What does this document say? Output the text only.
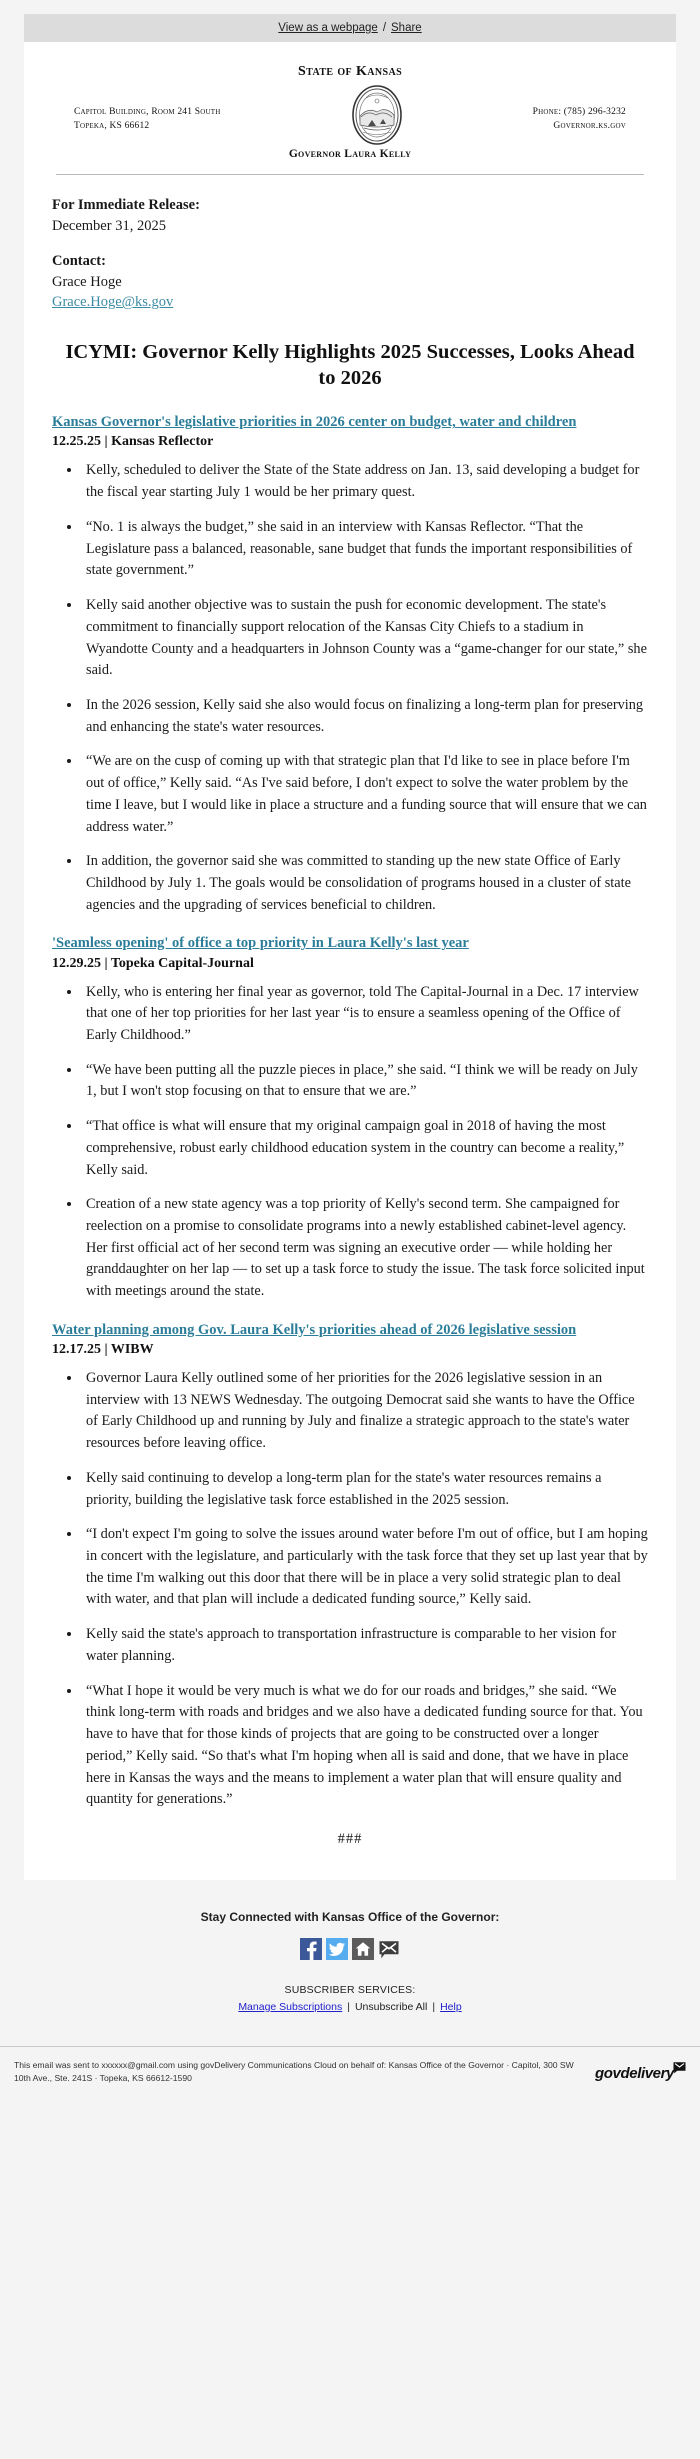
View as a webpage / Share
State of Kansas
Capitol Building, Room 241 South
Topeka, KS 66612
Phone: (785) 296-3232
Governor.ks.gov
Governor Laura Kelly
For Immediate Release:
December 31, 2025
Contact:
Grace Hoge
Grace.Hoge@ks.gov
ICYMI: Governor Kelly Highlights 2025 Successes, Looks Ahead to 2026
Kansas Governor's legislative priorities in 2026 center on budget, water and children
12.25.25 | Kansas Reflector
• Kelly, scheduled to deliver the State of the State address on Jan. 13, said developing a budget for the fiscal year starting July 1 would be her primary quest.
• “No. 1 is always the budget,” she said in an interview with Kansas Reflector. “That the Legislature pass a balanced, reasonable, sane budget that funds the important responsibilities of state government.”
• Kelly said another objective was to sustain the push for economic development. The state's commitment to financially support relocation of the Kansas City Chiefs to a stadium in Wyandotte County and a headquarters in Johnson County was a “game-changer for our state,” she said.
• In the 2026 session, Kelly said she also would focus on finalizing a long-term plan for preserving and enhancing the state's water resources.
• “We are on the cusp of coming up with that strategic plan that I'd like to see in place before I'm out of office,” Kelly said. “As I've said before, I don't expect to solve the water problem by the time I leave, but I would like in place a structure and a funding source that will ensure that we can address water.”
• In addition, the governor said she was committed to standing up the new state Office of Early Childhood by July 1. The goals would be consolidation of programs housed in a cluster of state agencies and the upgrading of services beneficial to children.
'Seamless opening' of office a top priority in Laura Kelly's last year
12.29.25 | Topeka Capital-Journal
• Kelly, who is entering her final year as governor, told The Capital-Journal in a Dec. 17 interview that one of her top priorities for her last year “is to ensure a seamless opening of the Office of Early Childhood.”
• “We have been putting all the puzzle pieces in place,” she said. “I think we will be ready on July 1, but I won't stop focusing on that to ensure that we are.”
• “That office is what will ensure that my original campaign goal in 2018 of having the most comprehensive, robust early childhood education system in the country can become a reality,” Kelly said.
• Creation of a new state agency was a top priority of Kelly's second term. She campaigned for reelection on a promise to consolidate programs into a newly established cabinet-level agency. Her first official act of her second term was signing an executive order — while holding her granddaughter on her lap — to set up a task force to study the issue. The task force solicited input with meetings around the state.
Water planning among Gov. Laura Kelly's priorities ahead of 2026 legislative session
12.17.25 | WIBW
• Governor Laura Kelly outlined some of her priorities for the 2026 legislative session in an interview with 13 NEWS Wednesday. The outgoing Democrat said she wants to have the Office of Early Childhood up and running by July and finalize a strategic approach to the state's water resources before leaving office.
• Kelly said continuing to develop a long-term plan for the state's water resources remains a priority, building the legislative task force established in the 2025 session.
• “I don't expect I'm going to solve the issues around water before I'm out of office, but I am hoping in concert with the legislature, and particularly with the task force that they set up last year that by the time I'm walking out this door that there will be in place a very solid strategic plan to deal with water, and that plan will include a dedicated funding source,” Kelly said.
• Kelly said the state's approach to transportation infrastructure is comparable to her vision for water planning.
• “What I hope it would be very much is what we do for our roads and bridges,” she said. “We think long-term with roads and bridges and we also have a dedicated funding source for that. You have to have that for those kinds of projects that are going to be constructed over a longer period,” Kelly said. “So that's what I'm hoping when all is said and done, that we have in place here in Kansas the ways and the means to implement a water plan that will ensure quality and quantity for generations.”
###
Stay Connected with Kansas Office of the Governor:
SUBSCRIBER SERVICES:
Manage Subscriptions | Unsubscribe All | Help
This email was sent to xxxxxx@gmail.com using govDelivery Communications Cloud on behalf of: Kansas Office of the Governor · Capitol, 300 SW 10th Ave., Ste. 241S · Topeka, KS 66612-1590	govdelivery
